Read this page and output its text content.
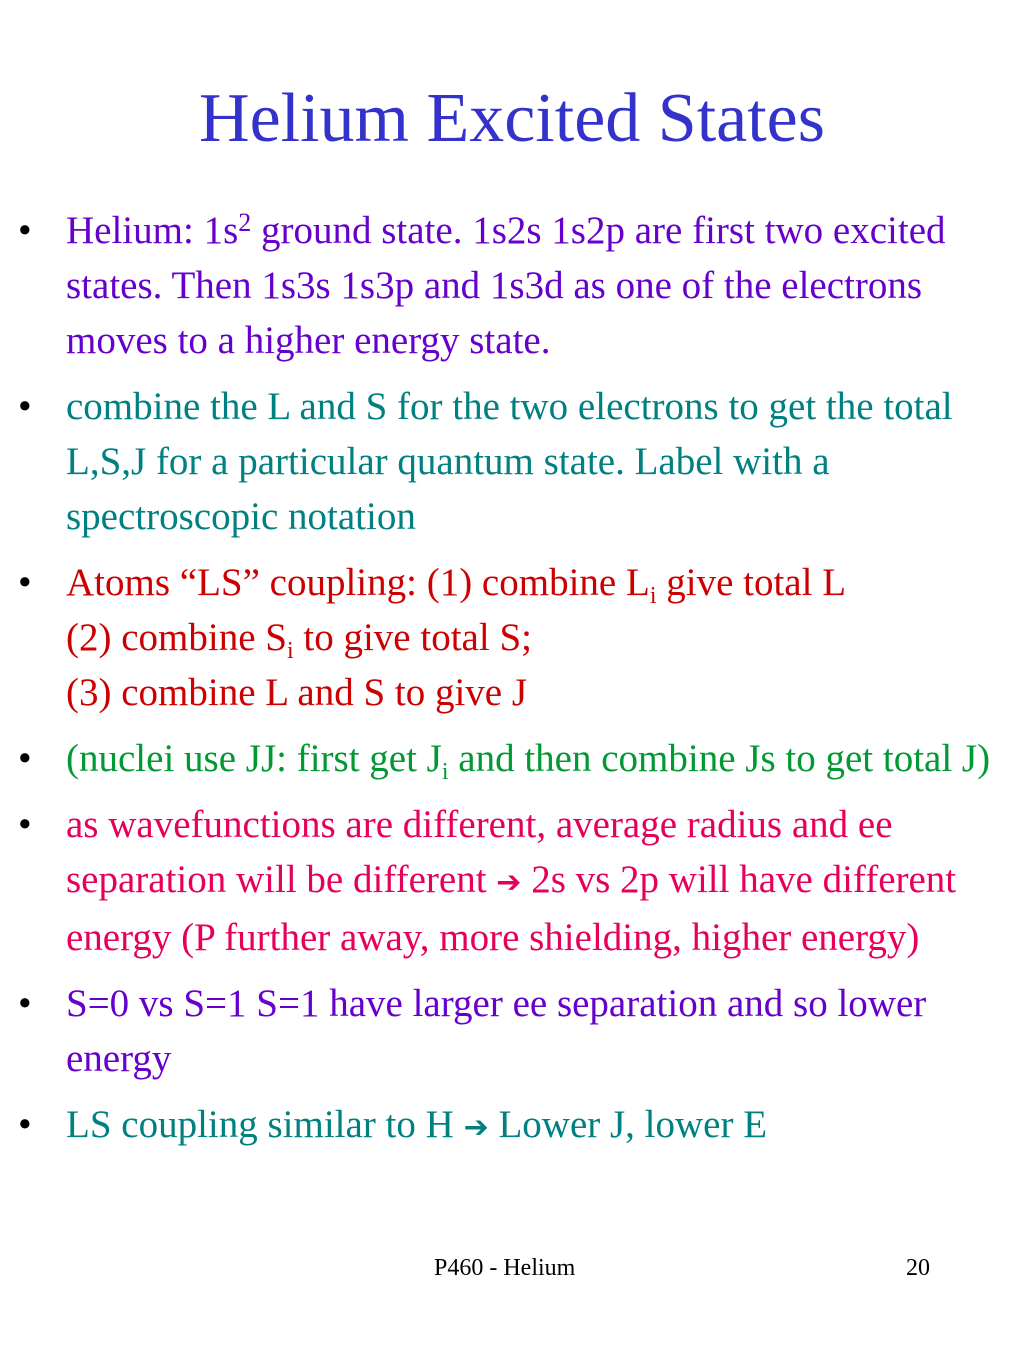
Helium Excited States
• Helium: $1s^2$ ground state. 1s2s 1s2p are first two excited states. Then 1s3s 1s3p and 1s3d as one of the electrons moves to a higher energy state.
• combine the L and S for the two electrons to get the total L,S,J for a particular quantum state. Label with a spectroscopic notation
• Atoms “LS” coupling: (1) combine $L_i$ give total L
(2) combine $S_i$ to give total S;
(3) combine L and S to give J
• (nuclei use JJ: first get $J_i$ and then combine Js to get total J)
• as wavefunctions are different, average radius and ee separation will be different ➔ 2s vs 2p will have different energy (P further away, more shielding, higher energy)
• S=0 vs S=1 S=1 have larger ee separation and so lower energy
• LS coupling similar to H ➔ Lower J, lower E
P460 - Helium	20
